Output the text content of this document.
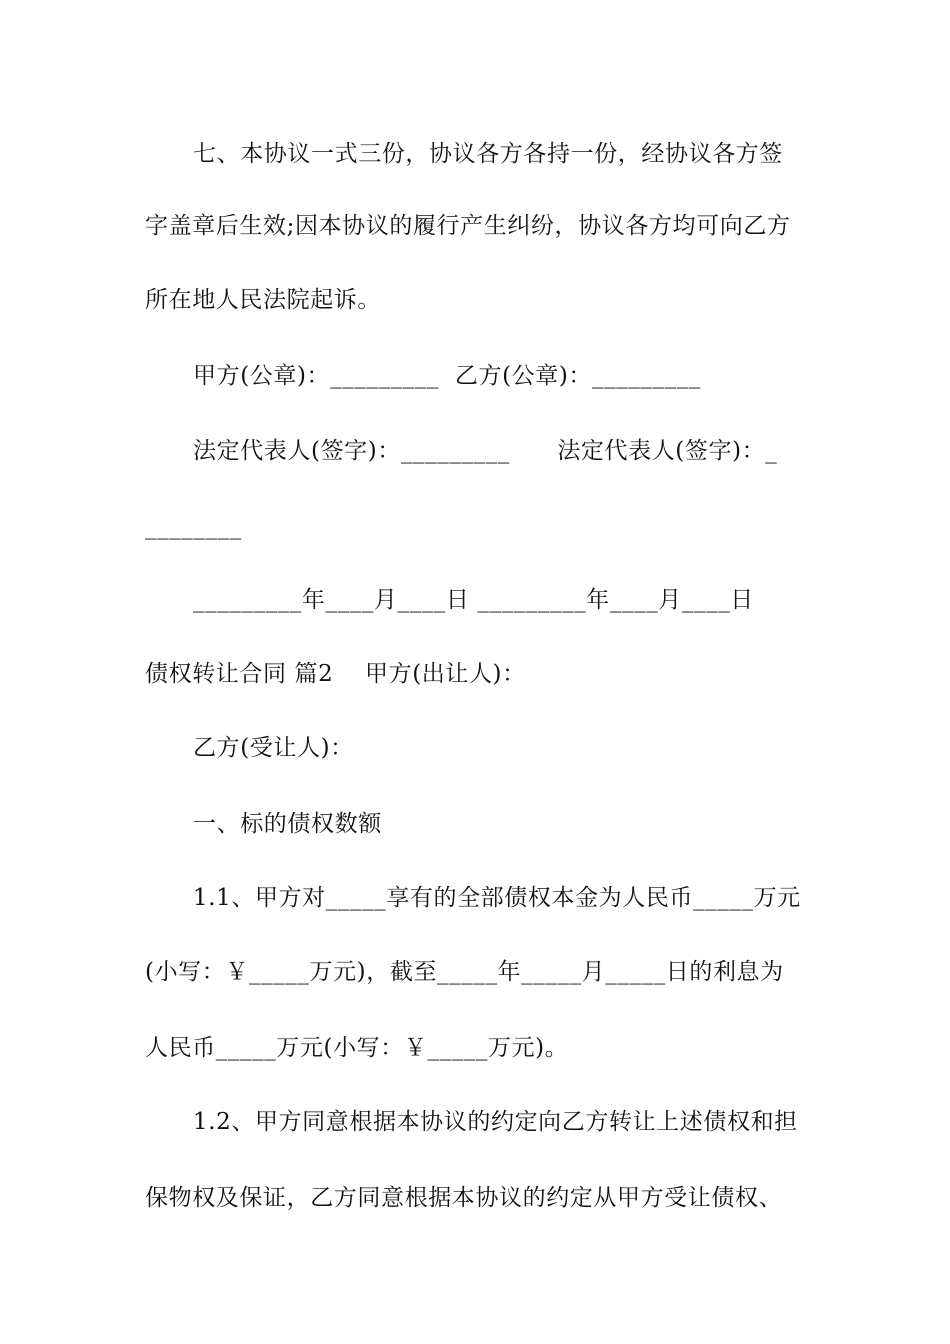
七、本协议一式三份，协议各方各持一份，经协议各方签
字盖章后生效;因本协议的履行产生纠纷，协议各方均可向乙方
所在地人民法院起诉。
甲方(公章)：_________  乙方(公章)：_________
法定代表人(签字)：_________      法定代表人(签字)：_
________
_________年____月____日 _________年____月____日
债权转让合同 篇2    甲方(出让人)：
乙方(受让人)：
一、标的债权数额
1.1、甲方对_____享有的全部债权本金为人民币_____万元
(小写：￥_____万元)，截至_____年_____月_____日的利息为
人民币_____万元(小写：￥_____万元)。
1.2、甲方同意根据本协议的约定向乙方转让上述债权和担
保物权及保证，乙方同意根据本协议的约定从甲方受让债权、
